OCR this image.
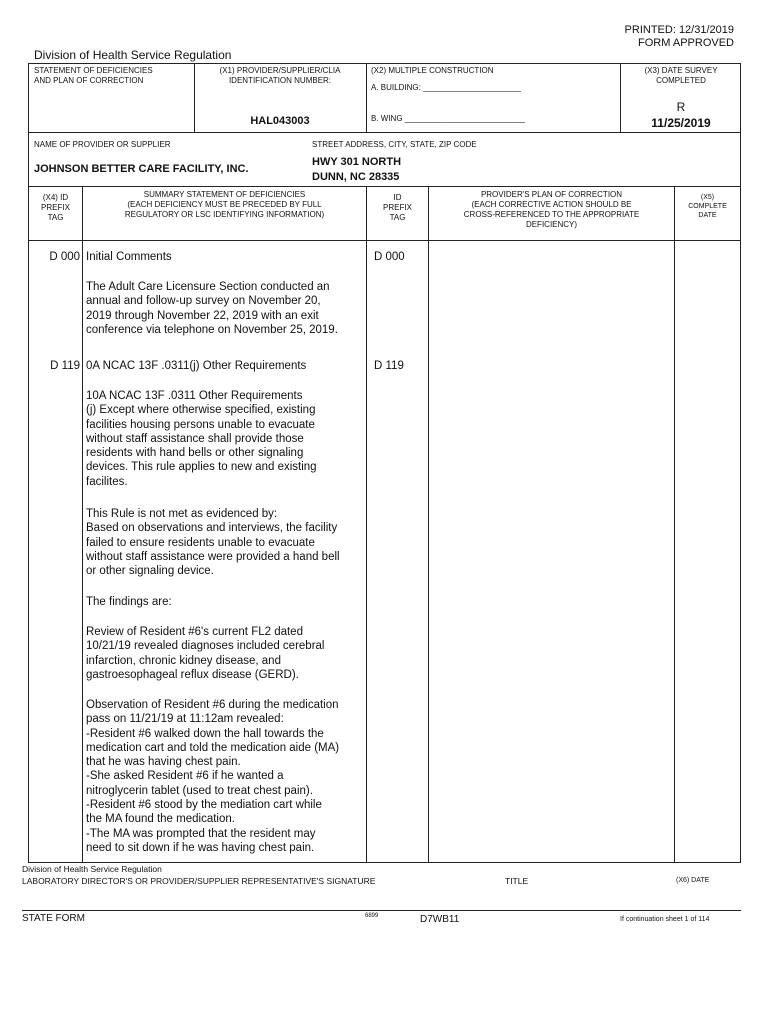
PRINTED: 12/31/2019
FORM APPROVED
Division of Health Service Regulation
STATEMENT OF DEFICIENCIES
AND PLAN OF CORRECTION
(X1) PROVIDER/SUPPLIER/CLIA
IDENTIFICATION NUMBER:
HAL043003
(X2) MULTIPLE CONSTRUCTION
A. BUILDING: ______________________
B. WING ___________________________
(X3) DATE SURVEY
COMPLETED
R
11/25/2019
NAME OF PROVIDER OR SUPPLIER
JOHNSON BETTER CARE FACILITY, INC.
STREET ADDRESS, CITY, STATE, ZIP CODE
HWY 301 NORTH
DUNN, NC 28335
(X4) ID
PREFIX
TAG
SUMMARY STATEMENT OF DEFICIENCIES
(EACH DEFICIENCY MUST BE PRECEDED BY FULL
REGULATORY OR LSC IDENTIFYING INFORMATION)
ID
PREFIX
TAG
PROVIDER'S PLAN OF CORRECTION
(EACH CORRECTIVE ACTION SHOULD BE
CROSS-REFERENCED TO THE APPROPRIATE
DEFICIENCY)
(X5)
COMPLETE
DATE
D 000 Initial Comments	D 000
The Adult Care Licensure Section conducted an
annual and follow-up survey on November 20,
2019 through November 22, 2019 with an exit
conference via telephone on November 25, 2019.
D 119 0A NCAC 13F .0311(j) Other Requirements	D 119
10A NCAC 13F .0311 Other Requirements
(j) Except where otherwise specified, existing
facilities housing persons unable to evacuate
without staff assistance shall provide those
residents with hand bells or other signaling
devices. This rule applies to new and existing
facilites.
This Rule is not met as evidenced by:
Based on observations and interviews, the facility
failed to ensure residents unable to evacuate
without staff assistance were provided a hand bell
or other signaling device.
The findings are:
Review of Resident #6's current FL2 dated
10/21/19 revealed diagnoses included cerebral
infarction, chronic kidney disease, and
gastroesophageal reflux disease (GERD).
Observation of Resident #6 during the medication
pass on 11/21/19 at 11:12am revealed:
-Resident #6 walked down the hall towards the
medication cart and told the medication aide (MA)
that he was having chest pain.
-She asked Resident #6 if he wanted a
nitroglycerin tablet (used to treat chest pain).
-Resident #6 stood by the mediation cart while
the MA found the medication.
-The MA was prompted that the resident may
need to sit down if he was having chest pain.
Division of Health Service Regulation
LABORATORY DIRECTOR'S OR PROVIDER/SUPPLIER REPRESENTATIVE'S SIGNATURE	TITLE	(X6) DATE
STATE FORM	6899	D7WB11	If continuation sheet 1 of 114
